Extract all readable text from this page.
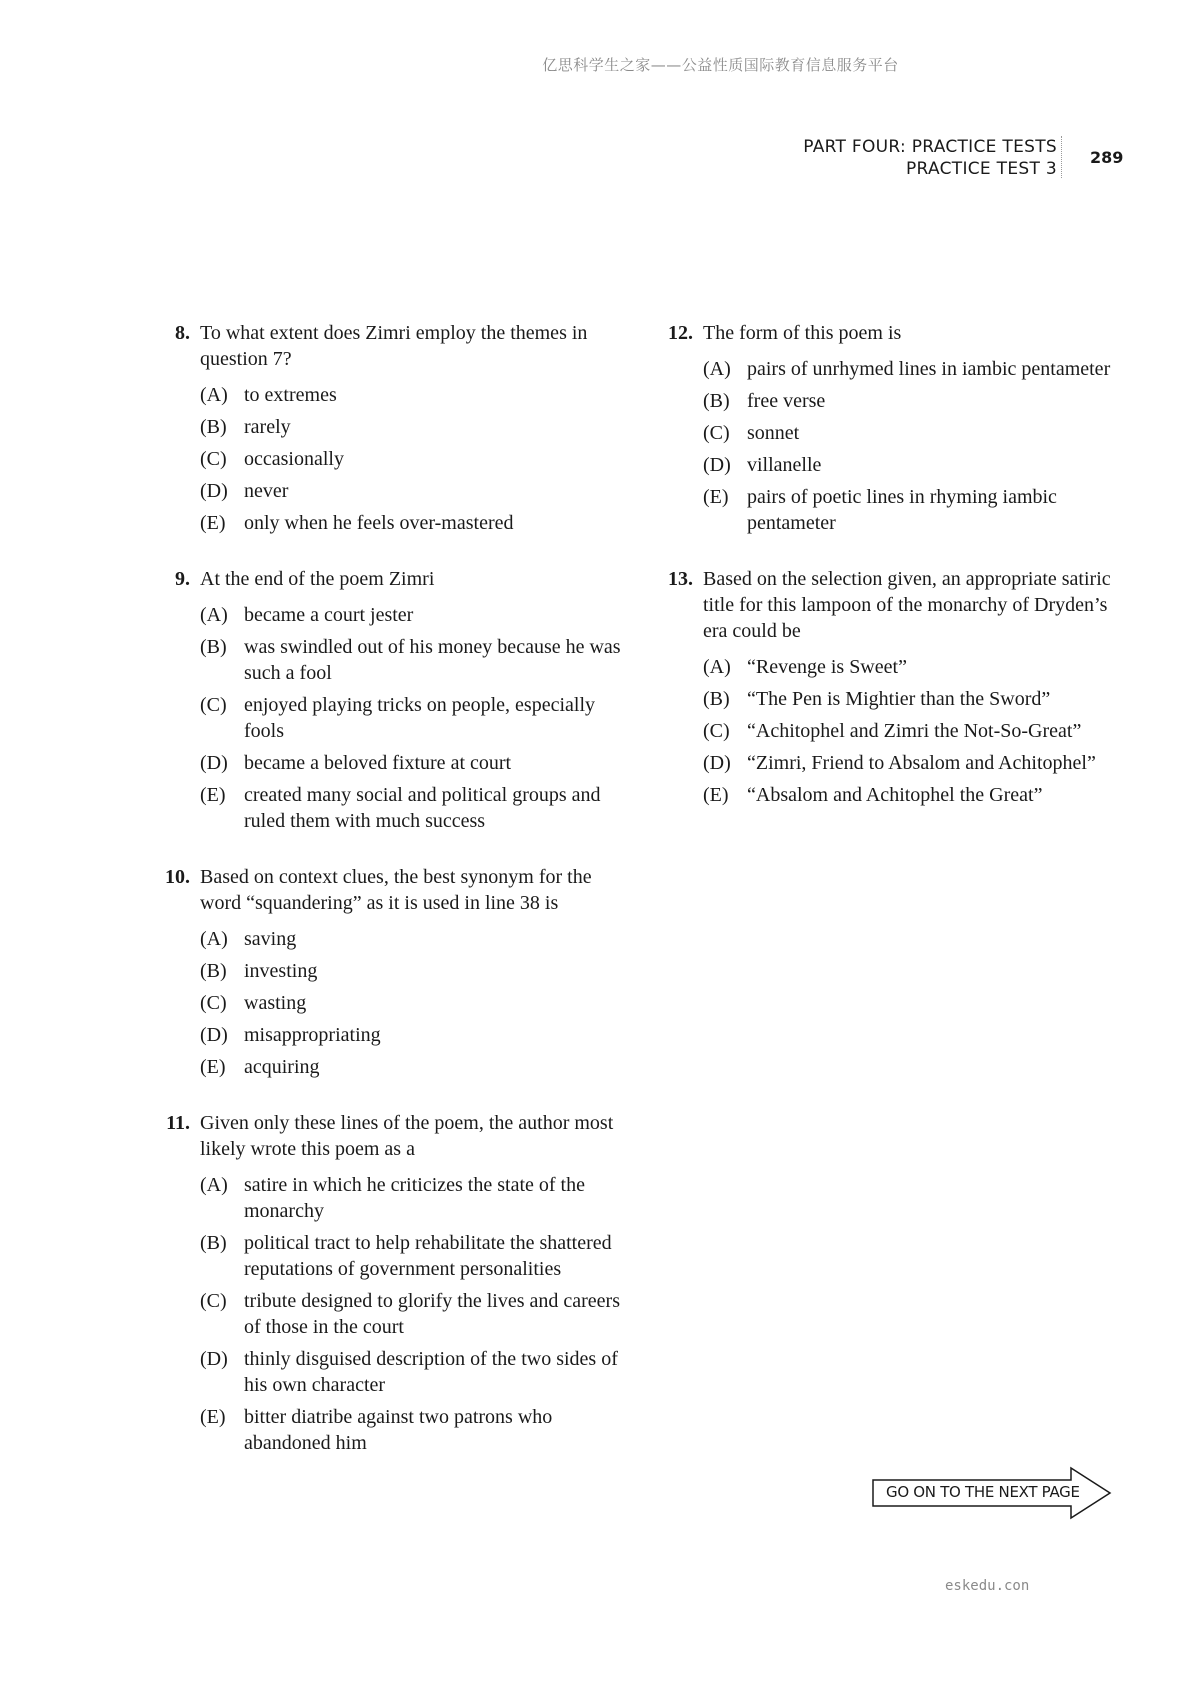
亿思科学生之家——公益性质国际教育信息服务平台
PART FOUR: PRACTICE TESTS
PRACTICE TEST 3
289
8. To what extent does Zimri employ the themes in question 7?
(A) to extremes
(B) rarely
(C) occasionally
(D) never
(E) only when he feels over-mastered
9. At the end of the poem Zimri
(A) became a court jester
(B) was swindled out of his money because he was such a fool
(C) enjoyed playing tricks on people, especially fools
(D) became a beloved fixture at court
(E) created many social and political groups and ruled them with much success
10. Based on context clues, the best synonym for the word “squandering” as it is used in line 38 is
(A) saving
(B) investing
(C) wasting
(D) misappropriating
(E) acquiring
11. Given only these lines of the poem, the author most likely wrote this poem as a
(A) satire in which he criticizes the state of the monarchy
(B) political tract to help rehabilitate the shattered reputations of government personalities
(C) tribute designed to glorify the lives and careers of those in the court
(D) thinly disguised description of the two sides of his own character
(E) bitter diatribe against two patrons who abandoned him
12. The form of this poem is
(A) pairs of unrhymed lines in iambic pentameter
(B) free verse
(C) sonnet
(D) villanelle
(E) pairs of poetic lines in rhyming iambic pentameter
13. Based on the selection given, an appropriate satiric title for this lampoon of the monarchy of Dryden’s era could be
(A) “Revenge is Sweet”
(B) “The Pen is Mightier than the Sword”
(C) “Achitophel and Zimri the Not-So-Great”
(D) “Zimri, Friend to Absalom and Achitophel”
(E) “Absalom and Achitophel the Great”
GO ON TO THE NEXT PAGE
eskedu.con
